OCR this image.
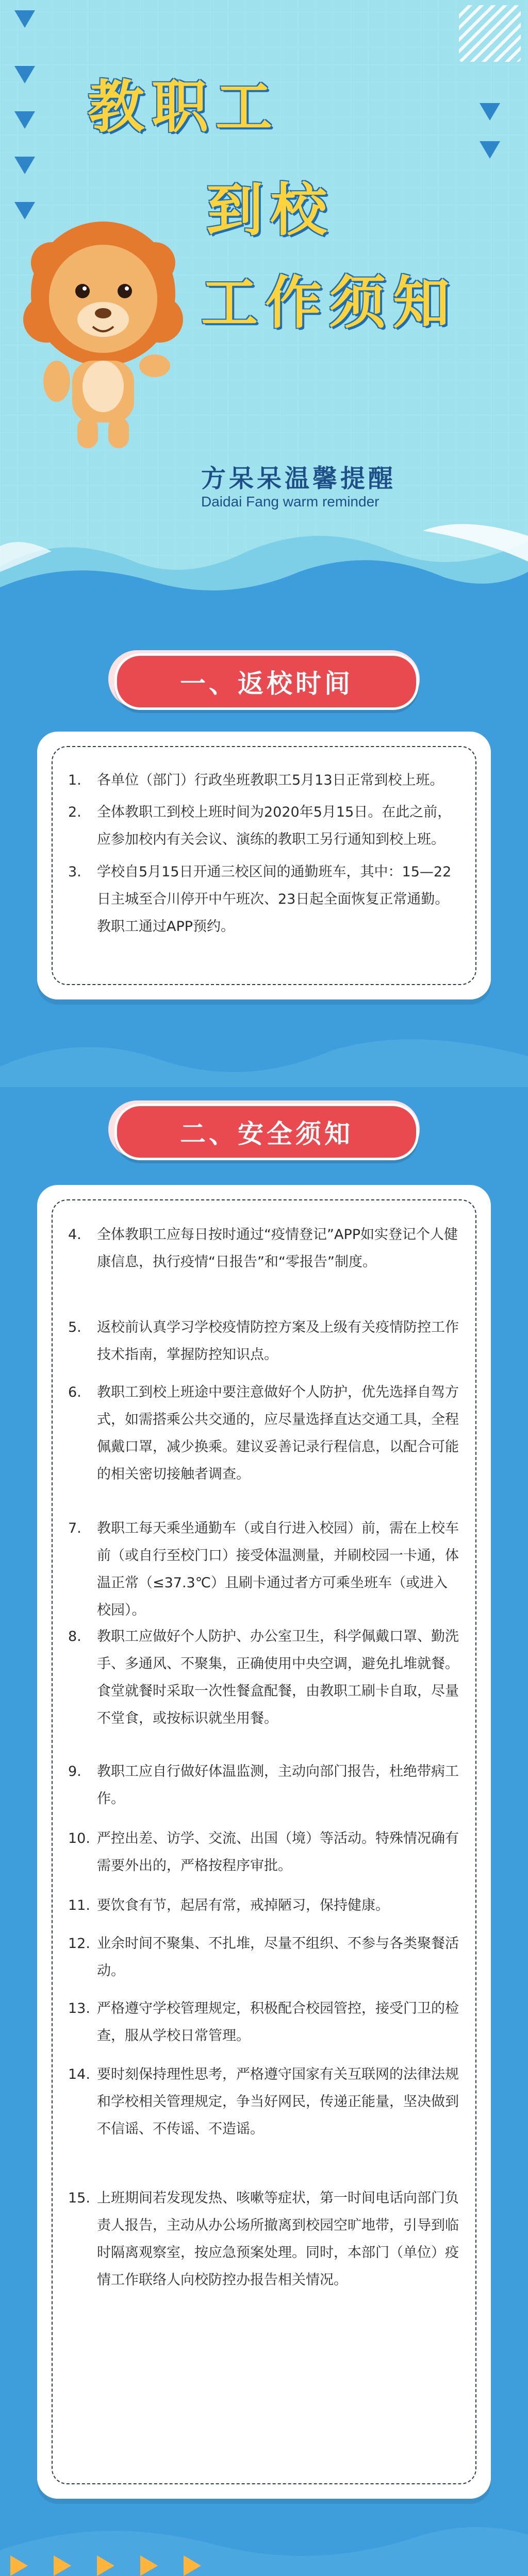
教职工
到校
工作须知
方呆呆温馨提醒
Daidai Fang warm reminder
一、返校时间
1.	各单位（部门）行政坐班教职工5月13日正常到校上班。
2.	全体教职工到校上班时间为2020年5月15日。在此之前，应参加校内有关会议、演练的教职工另行通知到校上班。
3.	学校自5月15日开通三校区间的通勤班车，其中：15—22日主城至合川停开中午班次、23日起全面恢复正常通勤。教职工通过APP预约。
二、安全须知
4.	全体教职工应每日按时通过“疫情登记”APP如实登记个人健康信息，执行疫情“日报告”和“零报告”制度。
5.	返校前认真学习学校疫情防控方案及上级有关疫情防控工作技术指南，掌握防控知识点。
6.	教职工到校上班途中要注意做好个人防护，优先选择自驾方式，如需搭乘公共交通的，应尽量选择直达交通工具，全程佩戴口罩，减少换乘。建议妥善记录行程信息，以配合可能的相关密切接触者调查。
7.	教职工每天乘坐通勤车（或自行进入校园）前，需在上校车前（或自行至校门口）接受体温测量，并刷校园一卡通，体温正常（≤37.3℃）且刷卡通过者方可乘坐班车（或进入校园）。
8.	教职工应做好个人防护、办公室卫生，科学佩戴口罩、勤洗手、多通风、不聚集，正确使用中央空调，避免扎堆就餐。食堂就餐时采取一次性餐盒配餐，由教职工刷卡自取，尽量不堂食，或按标识就坐用餐。
9.	教职工应自行做好体温监测，主动向部门报告，杜绝带病工作。
10. 严控出差、访学、交流、出国（境）等活动。特殊情况确有需要外出的，严格按程序审批。
11. 要饮食有节，起居有常，戒掉陋习，保持健康。
12. 业余时间不聚集、不扎堆，尽量不组织、不参与各类聚餐活动。
13. 严格遵守学校管理规定，积极配合校园管控，接受门卫的检查，服从学校日常管理。
14. 要时刻保持理性思考，严格遵守国家有关互联网的法律法规和学校相关管理规定，争当好网民，传递正能量，坚决做到不信谣、不传谣、不造谣。
15. 上班期间若发现发热、咳嗽等症状，第一时间电话向部门负责人报告，主动从办公场所撤离到校园空旷地带，引导到临时隔离观察室，按应急预案处理。同时，本部门（单位）疫情工作联络人向校防控办报告相关情况。
